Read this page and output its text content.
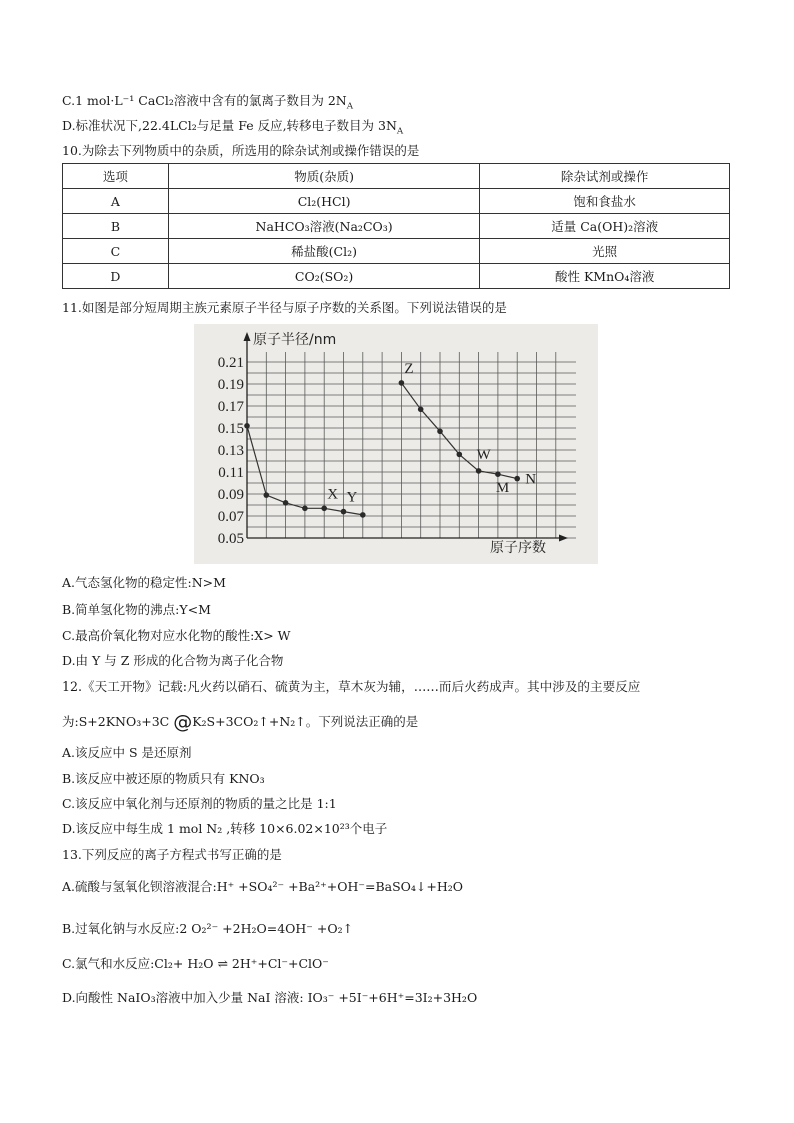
C.1 mol·L⁻¹ CaCl₂溶液中含有的氯离子数目为 $2N_A$
D.标准状况下,22.4LCl₂与足量 Fe 反应,转移电子数目为 $3N_A$
10.为除去下列物质中的杂质，所选用的除杂试剂或操作错误的是
选项	物质(杂质)	除杂试剂或操作
A	Cl₂(HCl)	饱和食盐水
B	NaHCO₃溶液(Na₂CO₃)	适量 Ca(OH)₂溶液
C	稀盐酸(Cl₂)	光照
D	CO₂(SO₂)	酸性 KMnO₄溶液
11.如图是部分短周期主族元素原子半径与原子序数的关系图。下列说法错误的是
原子半径/nm
原子序数
0.21
0.19
0.17
0.15
0.13
0.11
0.09
0.07
0.05
X Y
Z
W
M
N
A.气态氢化物的稳定性:N>M
B.简单氢化物的沸点:Y<M
C.最高价氧化物对应水化物的酸性:X> W
D.由 Y 与 Z 形成的化合物为离子化合物
12.《天工开物》记载:凡火药以硝石、硫黄为主，草木灰为辅，……而后火药成声。其中涉及的主要反应
为:S+2KNO₃+3C @K₂S+3CO₂↑+N₂↑。下列说法正确的是
A.该反应中 S 是还原剂
B.该反应中被还原的物质只有 KNO₃
C.该反应中氧化剂与还原剂的物质的量之比是 1:1
D.该反应中每生成 1 mol N₂ ,转移 10×6.02×10²³个电子
13.下列反应的离子方程式书写正确的是
A.硫酸与氢氧化钡溶液混合:H⁺ +SO₄²⁻ +Ba²⁺+OH⁻=BaSO₄↓+H₂O
B.过氧化钠与水反应:2 O₂²⁻ +2H₂O=4OH⁻ +O₂↑
C.氯气和水反应:Cl₂+ H₂O ⇌ 2H⁺+Cl⁻+ClO⁻
D.向酸性 NaIO₃溶液中加入少量 NaI 溶液: IO₃⁻ +5I⁻+6H⁺=3I₂+3H₂O
